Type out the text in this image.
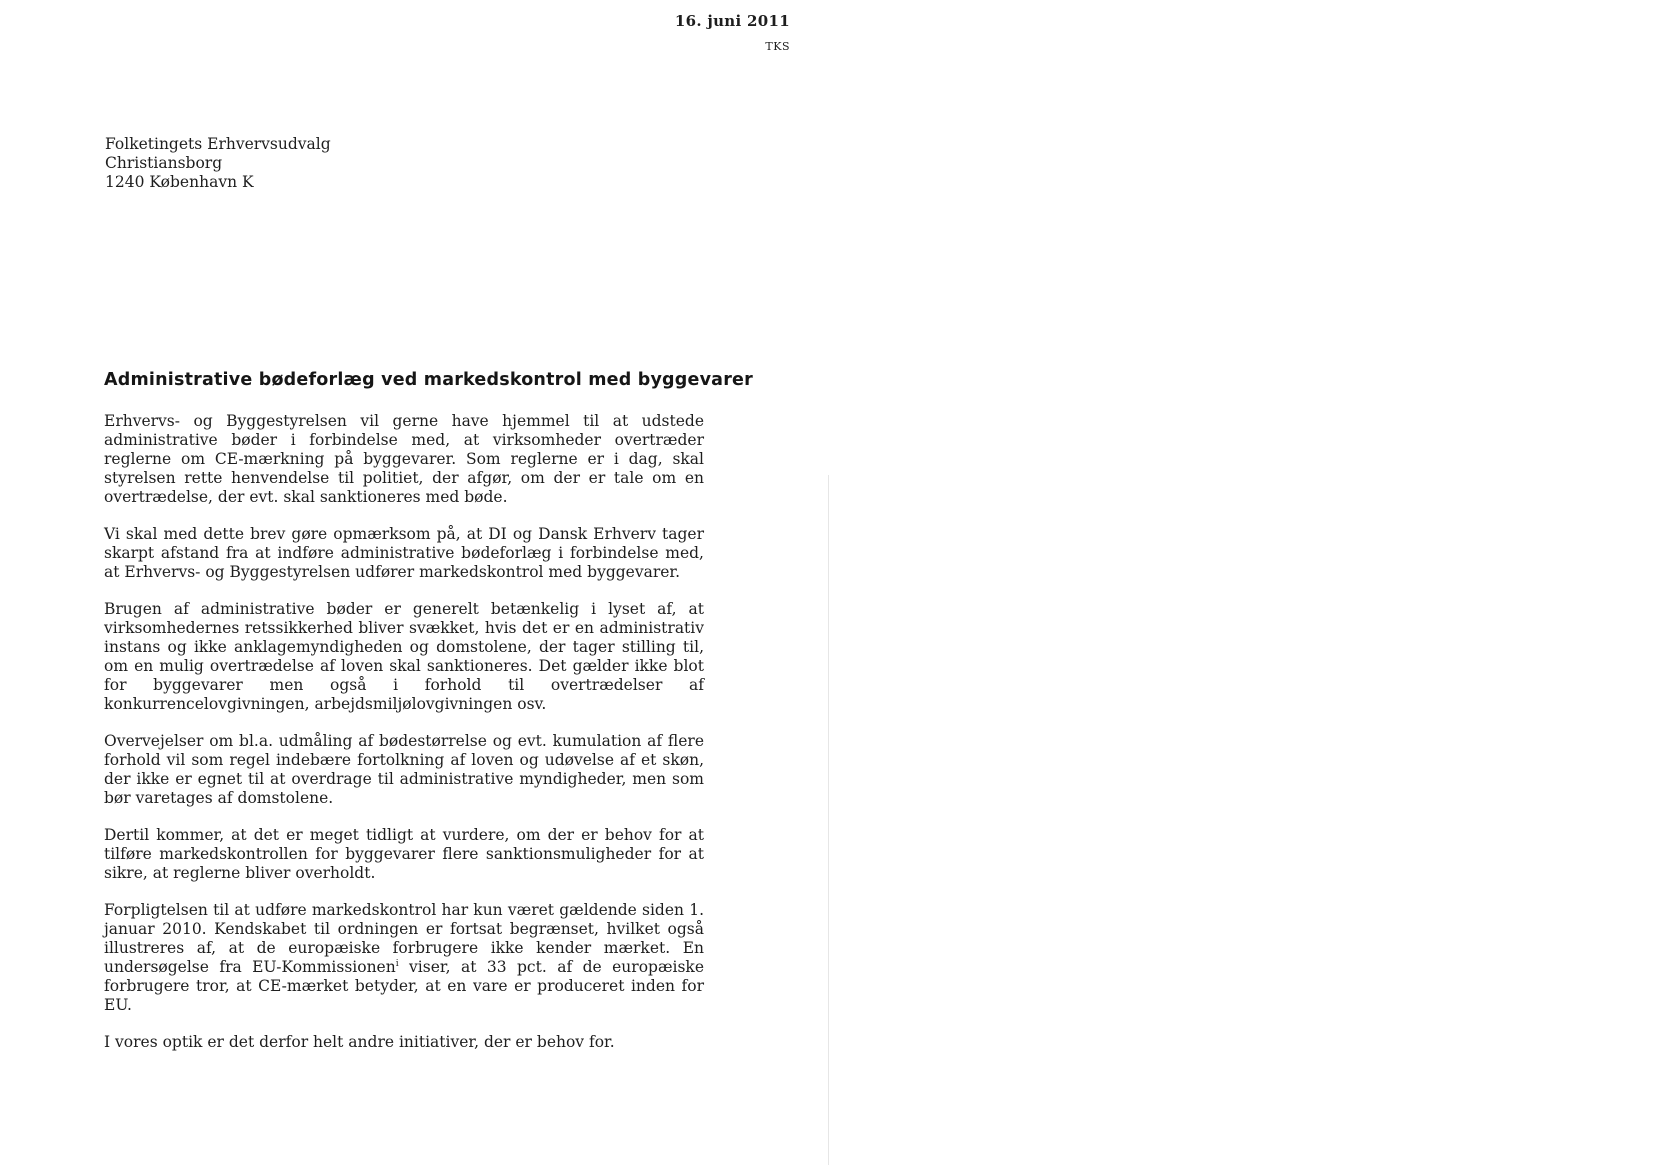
16. juni 2011
TKS
Folketingets Erhvervsudvalg
Christiansborg
1240 København K
Administrative bødeforlæg ved markedskontrol med byggevarer

Erhvervs- og Byggestyrelsen vil gerne have hjemmel til at udstede administrative bøder i forbindelse med, at virksomheder overtræder reglerne om CE-mærkning på byggevarer. Som reglerne er i dag, skal styrelsen rette henvendelse til politiet, der afgør, om der er tale om en overtrædelse, der evt. skal sanktioneres med bøde.

Vi skal med dette brev gøre opmærksom på, at DI og Dansk Erhverv tager skarpt afstand fra at indføre administrative bødeforlæg i forbindelse med, at Erhvervs- og Byggestyrelsen udfører markedskontrol med byggevarer.

Brugen af administrative bøder er generelt betænkelig i lyset af, at virksomhedernes retssikkerhed bliver svækket, hvis det er en administrativ instans og ikke anklagemyndigheden og domstolene, der tager stilling til, om en mulig overtrædelse af loven skal sanktioneres. Det gælder ikke blot for byggevarer men også i forhold til overtrædelser af konkurrencelovgivningen, arbejdsmiljølovgivningen osv.

Overvejelser om bl.a. udmåling af bødestørrelse og evt. kumulation af flere forhold vil som regel indebære fortolkning af loven og udøvelse af et skøn, der ikke er egnet til at overdrage til administrative myndigheder, men som bør varetages af domstolene.

Dertil kommer, at det er meget tidligt at vurdere, om der er behov for at tilføre markedskontrollen for byggevarer flere sanktionsmuligheder for at sikre, at reglerne bliver overholdt.

Forpligtelsen til at udføre markedskontrol har kun været gældende siden 1. januar 2010. Kendskabet til ordningen er fortsat begrænset, hvilket også illustreres af, at de europæiske forbrugere ikke kender mærket. En undersøgelse fra EU-Kommissionen$^i$ viser, at 33 pct. af de europæiske forbrugere tror, at CE-mærket betyder, at en vare er produceret inden for EU.

I vores optik er det derfor helt andre initiativer, der er behov for.
